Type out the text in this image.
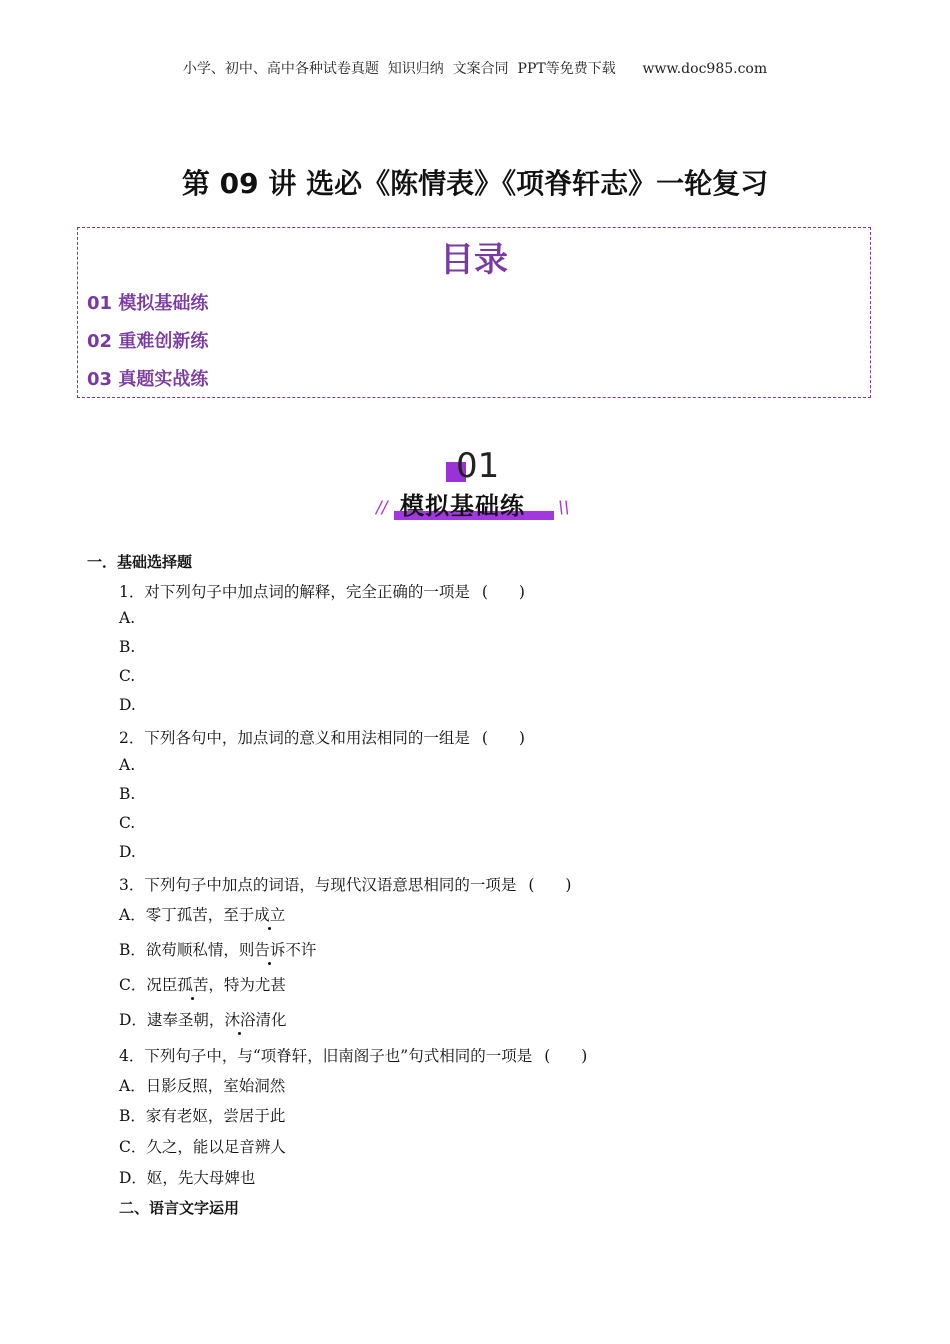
小学、初中、高中各种试卷真题  知识归纳  文案合同  PPT等免费下载      www.doc985.com
第 09 讲 选必《陈情表》《项脊轩志》一轮复习
目录
01 模拟基础练
02 重难创新练
03 真题实战练
01
模拟基础练
//	\\
一．基础选择题
1．对下列句子中加点词的解释，完全正确的一项是 (　　)
A.
B.
C.
D.
2．下列各句中，加点词的意义和用法相同的一组是 (　　)
A.
B.
C.
D.
3．下列句子中加点的词语，与现代汉语意思相同的一项是 (　　)
A．零丁孤苦，至于成立
B．欲苟顺私情，则告诉不许
C．况臣孤苦，特为尤甚
D．逮奉圣朝，沐浴清化
4．下列句子中，与“项脊轩，旧南阁子也”句式相同的一项是 (　　)
A．日影反照，室始洞然
B．家有老妪，尝居于此
C．久之，能以足音辨人
D．妪，先大母婢也
二、语言文字运用
